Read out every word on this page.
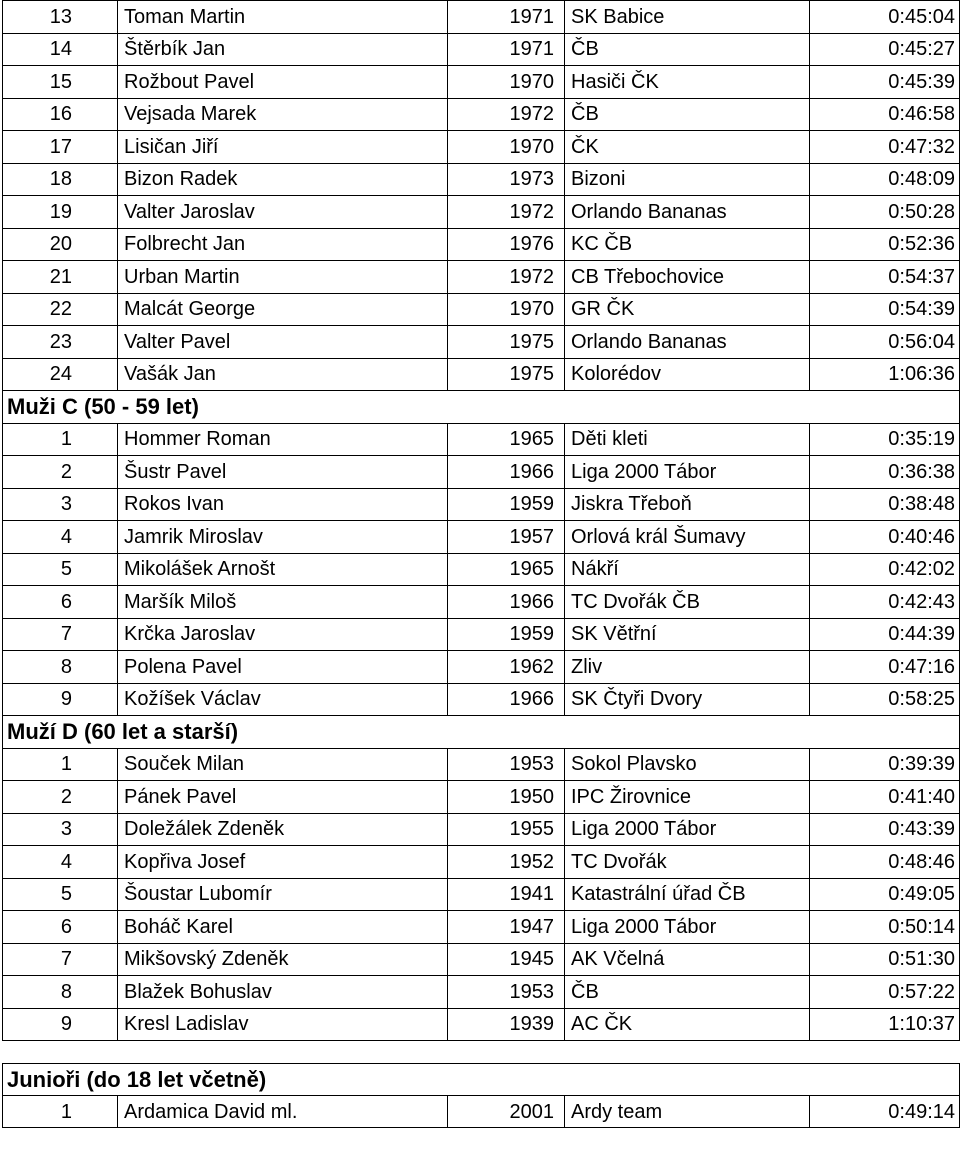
13	Toman Martin	1971	SK Babice	0:45:04
14	Štěrbík Jan	1971	ČB	0:45:27
15	Rožbout Pavel	1970	Hasiči ČK	0:45:39
16	Vejsada Marek	1972	ČB	0:46:58
17	Lisičan Jiří	1970	ČK	0:47:32
18	Bizon Radek	1973	Bizoni	0:48:09
19	Valter Jaroslav	1972	Orlando Bananas	0:50:28
20	Folbrecht Jan	1976	KC ČB	0:52:36
21	Urban Martin	1972	CB Třebochovice	0:54:37
22	Malcát George	1970	GR ČK	0:54:39
23	Valter Pavel	1975	Orlando Bananas	0:56:04
24	Vašák Jan	1975	Kolorédov	1:06:36
Muži C (50 - 59 let)				
1	Hommer Roman	1965	Děti kleti	0:35:19
2	Šustr Pavel	1966	Liga 2000 Tábor	0:36:38
3	Rokos Ivan	1959	Jiskra Třeboň	0:38:48
4	Jamrik Miroslav	1957	Orlová král Šumavy	0:40:46
5	Mikolášek Arnošt	1965	Nákří	0:42:02
6	Maršík Miloš	1966	TC Dvořák ČB	0:42:43
7	Krčka Jaroslav	1959	SK Větřní	0:44:39
8	Polena Pavel	1962	Zliv	0:47:16
9	Kožíšek Václav	1966	SK Čtyři Dvory	0:58:25
Muží D (60 let a starší)				
1	Souček Milan	1953	Sokol Plavsko	0:39:39
2	Pánek Pavel	1950	IPC Žirovnice	0:41:40
3	Doležálek Zdeněk	1955	Liga 2000 Tábor	0:43:39
4	Kopřiva Josef	1952	TC Dvořák	0:48:46
5	Šoustar Lubomír	1941	Katastrální úřad ČB	0:49:05
6	Boháč Karel	1947	Liga 2000 Tábor	0:50:14
7	Mikšovský Zdeněk	1945	AK Včelná	0:51:30
8	Blažek Bohuslav	1953	ČB	0:57:22
9	Kresl Ladislav	1939	AC ČK	1:10:37
Junioři (do 18 let včetně)				
1	Ardamica David ml.	2001	Ardy team	0:49:14
